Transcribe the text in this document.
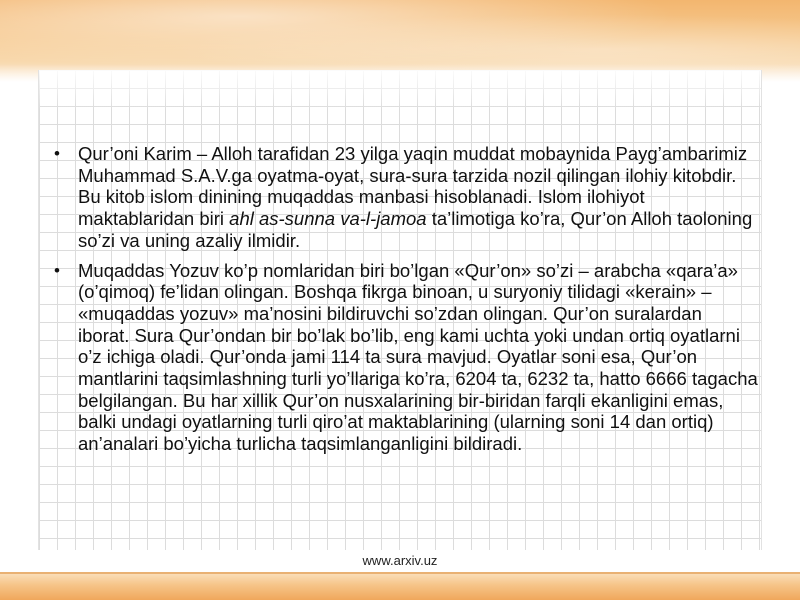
• Qur’oni Karim – Alloh tarafidan 23 yilga yaqin muddat mobaynida Payg’ambarimiz Muhammad S.A.V.ga oyatma-oyat, sura-sura tarzida nozil qilingan ilohiy kitobdir. Bu kitob islom dinining muqaddas manbasi hisoblanadi. Islom ilohiyot maktablaridan biri ahl as-sunna va-l-jamoa ta’limotiga ko’ra, Qur’on Alloh taoloning so’zi va uning azaliy ilmidir.
• Muqaddas Yozuv ko’p nomlaridan biri bo’lgan «Qur’on» so’zi – arabcha «qara’a» (o’qimoq) fe’lidan olingan. Boshqa fikrga binoan, u suryoniy tilidagi «kerain» – «muqaddas yozuv» ma’nosini bildiruvchi so’zdan olingan. Qur’on suralardan iborat. Sura Qur’ondan bir bo’lak bo’lib, eng kami uchta yoki undan ortiq oyatlarni o’z ichiga oladi. Qur’onda jami 114 ta sura mavjud. Oyatlar soni esa, Qur’on mantlarini taqsimlashning turli yo’llariga ko’ra, 6204 ta, 6232 ta, hatto 6666 tagacha belgilangan. Bu har xillik Qur’on nusxalarining bir-biridan farqli ekanligini emas, balki undagi oyatlarning turli qiro’at maktablarining (ularning soni 14 dan ortiq) an’analari bo’yicha turlicha taqsimlanganligini bildiradi.
www.arxiv.uz
